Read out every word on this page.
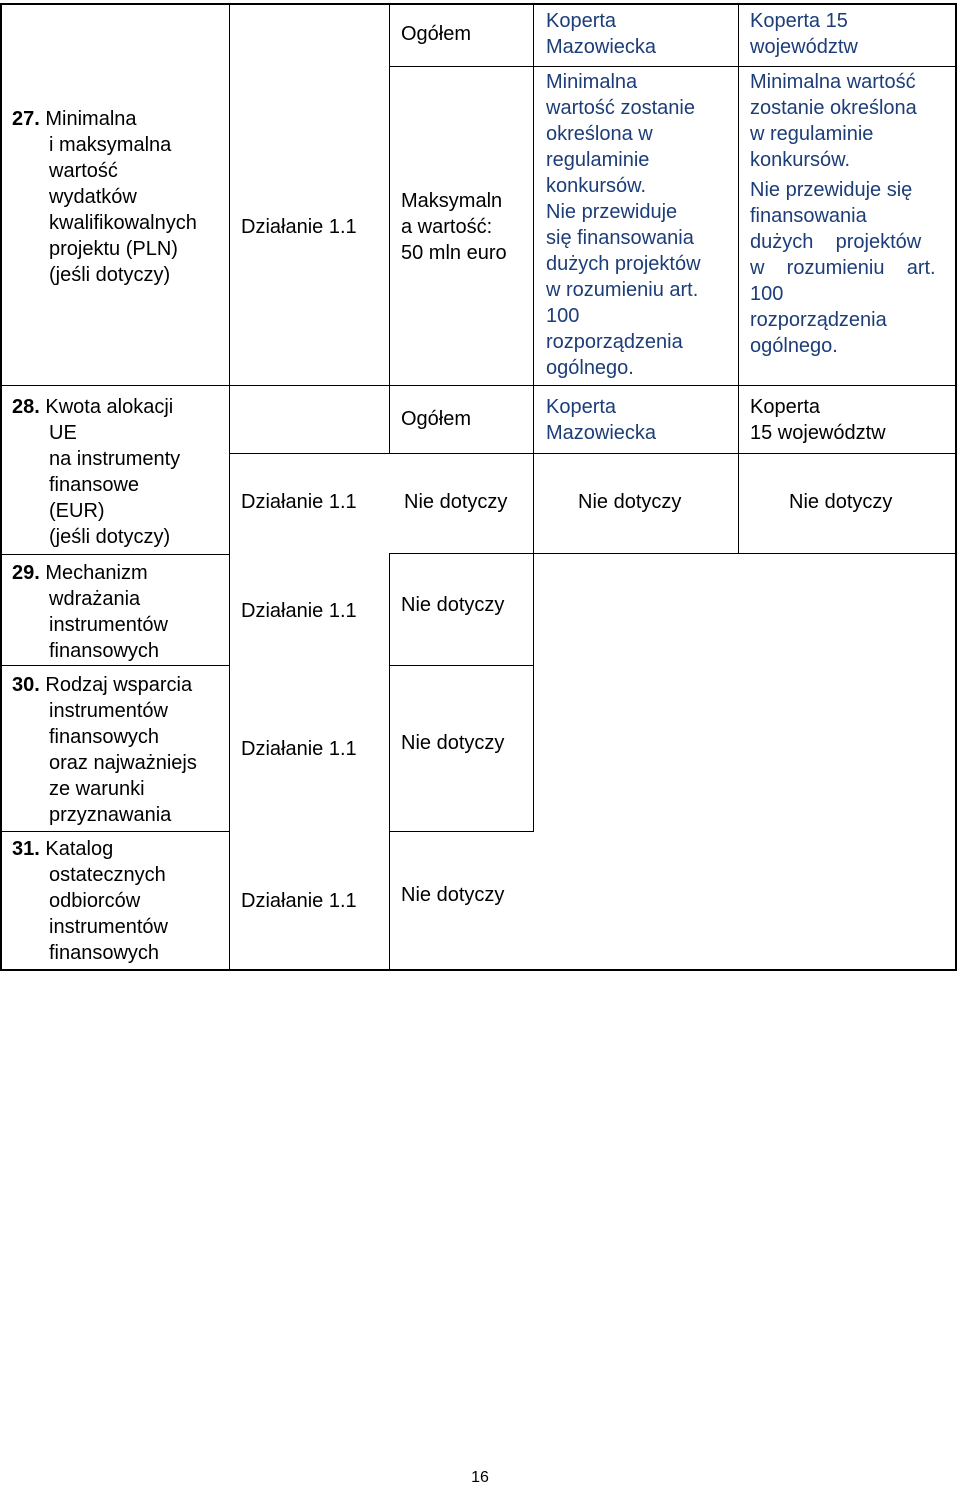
27. Minimalna
i maksymalna
wartość
wydatków
kwalifikowalnych
projektu (PLN)
(jeśli dotyczy)
Działanie 1.1
Ogółem
Maksymaln
a wartość:
50 mln euro
Koperta
Mazowiecka
Minimalna
wartość zostanie
określona w
regulaminie
konkursów.
Nie przewiduje
się finansowania
dużych projektów
w rozumieniu art.
100
rozporządzenia
ogólnego.
Koperta 15
województw
Minimalna wartość
zostanie określona
w regulaminie
konkursów.
Nie przewiduje się
finansowania
dużych    projektów
w    rozumieniu    art.
100
rozporządzenia
ogólnego.
28. Kwota alokacji
UE
na instrumenty
finansowe
(EUR)
(jeśli dotyczy)
Ogółem
Koperta
Mazowiecka
Koperta
15 województw
Działanie 1.1 Nie dotyczy	Nie dotyczy	Nie dotyczy
29. Mechanizm
wdrażania
instrumentów
finansowych
Działanie 1.1 Nie dotyczy
30. Rodzaj wsparcia
instrumentów
finansowych
oraz najważniejs
ze warunki
przyznawania
Działanie 1.1 Nie dotyczy
31. Katalog
ostatecznych
odbiorców
instrumentów
finansowych
Działanie 1.1 Nie dotyczy
16
